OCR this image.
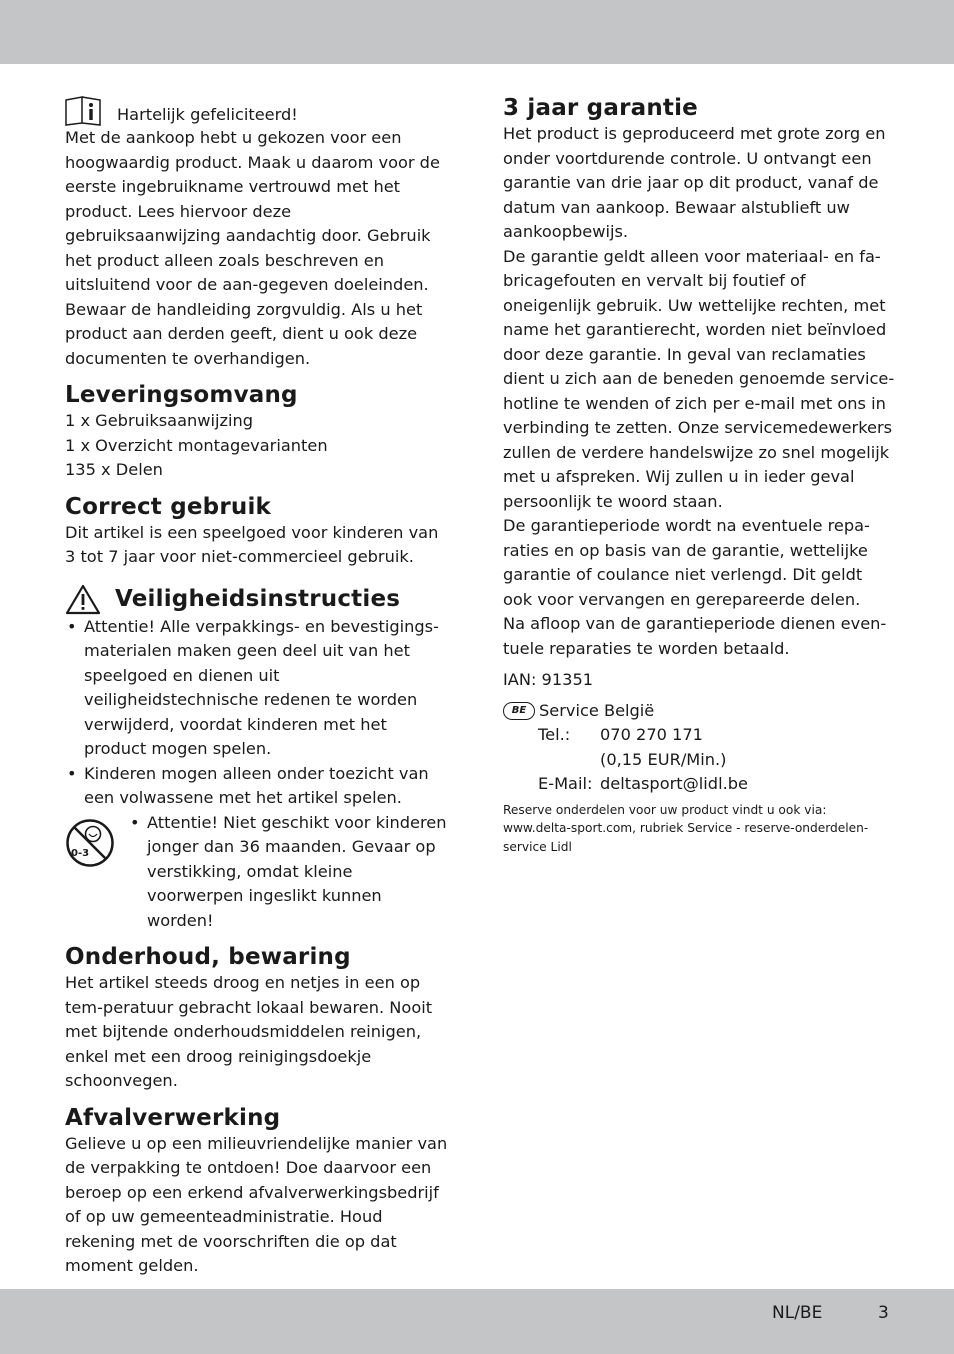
Hartelijk gefeliciteerd!

Met de aankoop hebt u gekozen voor een hoogwaardig product. Maak u daarom voor de eerste ingebruikname vertrouwd met het product. Lees hiervoor deze gebruiksaanwijzing aandachtig door. Gebruik het product alleen zoals beschreven en uitsluitend voor de aan-gegeven doeleinden. Bewaar de handleiding zorgvuldig. Als u het product aan derden geeft, dient u ook deze documenten te overhandigen.

Leveringsomvang

1 x Gebruiksaanwijzing

1 x Overzicht montagevarianten

135 x Delen

Correct gebruik

Dit artikel is een speelgoed voor kinderen van 3 tot 7 jaar voor niet-commercieel gebruik.

Veiligheidsinstructies
• Attentie! Alle verpakkings- en bevestigings-materialen maken geen deel uit van het speelgoed en dienen uit veiligheidstechnische redenen te worden verwijderd, voordat kinderen met het product mogen spelen.
• Kinderen mogen alleen onder toezicht van een volwassene met het artikel spelen.
0-3
• Attentie! Niet geschikt voor kinderen jonger dan 36 maanden. Gevaar op verstikking, omdat kleine voorwerpen ingeslikt kunnen worden!
Onderhoud, bewaring

Het artikel steeds droog en netjes in een op tem-peratuur gebracht lokaal bewaren. Nooit met bijtende onderhoudsmiddelen reinigen, enkel met een droog reinigingsdoekje schoonvegen.

Afvalverwerking

Gelieve u op een milieuvriendelijke manier van de verpakking te ontdoen! Doe daarvoor een beroep op een erkend afvalverwerkingsbedrijf of op uw gemeenteadministratie. Houd rekening met de voorschriften die op dat moment gelden.

3 jaar garantie

Het product is geproduceerd met grote zorg en onder voortdurende controle. U ontvangt een garantie van drie jaar op dit product, vanaf de datum van aankoop. Bewaar alstublieft uw aankoopbewijs.

De garantie geldt alleen voor materiaal- en fa-bricagefouten en vervalt bij foutief of oneigenlijk gebruik. Uw wettelijke rechten, met name het garantierecht, worden niet beïnvloed door deze garantie. In geval van reclamaties dient u zich aan de beneden genoemde service-hotline te wenden of zich per e-mail met ons in verbinding te zetten. Onze servicemedewerkers zullen de verdere handelswijze zo snel mogelijk met u afspreken. Wij zullen u in ieder geval persoonlijk te woord staan.

De garantieperiode wordt na eventuele repa-raties en op basis van de garantie, wettelijke garantie of coulance niet verlengd. Dit geldt ook voor vervangen en gerepareerde delen.

Na afloop van de garantieperiode dienen even-tuele reparaties te worden betaald.

IAN: 91351

BE Service België

Tel.:	070 270 171
(0,15 EUR/Min.)
E-Mail: deltasport@lidl.be

Reserve onderdelen voor uw product vindt u ook via: www.delta-sport.com, rubriek Service - reserve-onderdelen-service Lidl

NL/BE	3
